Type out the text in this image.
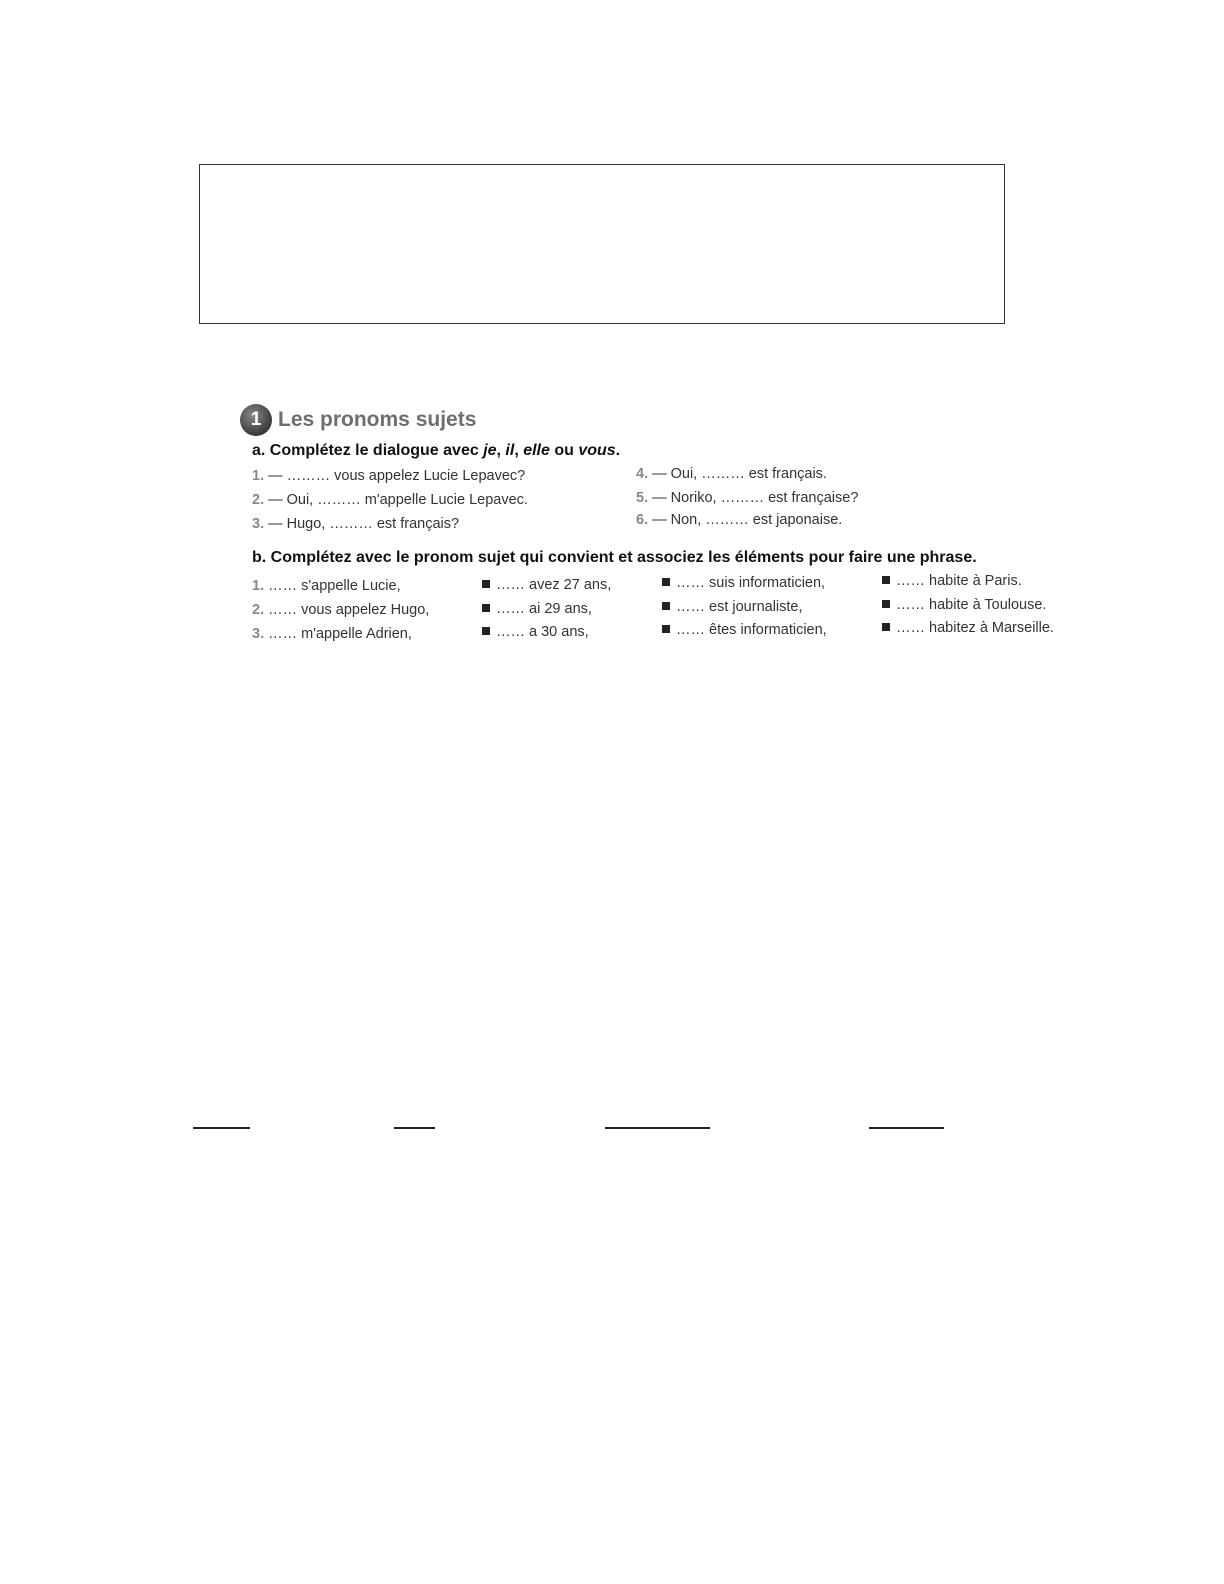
1 Les pronoms sujets
a. Complétez le dialogue avec je, il, elle ou vous.
1. — ……… vous appelez Lucie Lepavec?
2. — Oui, ……… m'appelle Lucie Lepavec.
3. — Hugo, ……… est français?
4. — Oui, ……… est français.
5. — Noriko, ……… est française?
6. — Non, ……… est japonaise.
b. Complétez avec le pronom sujet qui convient et associez les éléments pour faire une phrase.
1. …… s'appelle Lucie,
2. …… vous appelez Hugo,
3. …… m'appelle Adrien,
…… avez 27 ans,
…… ai 29 ans,
…… a 30 ans,
…… suis informaticien,
…… est journaliste,
…… êtes informaticien,
…… habite à Paris.
…… habite à Toulouse.
…… habitez à Marseille.
